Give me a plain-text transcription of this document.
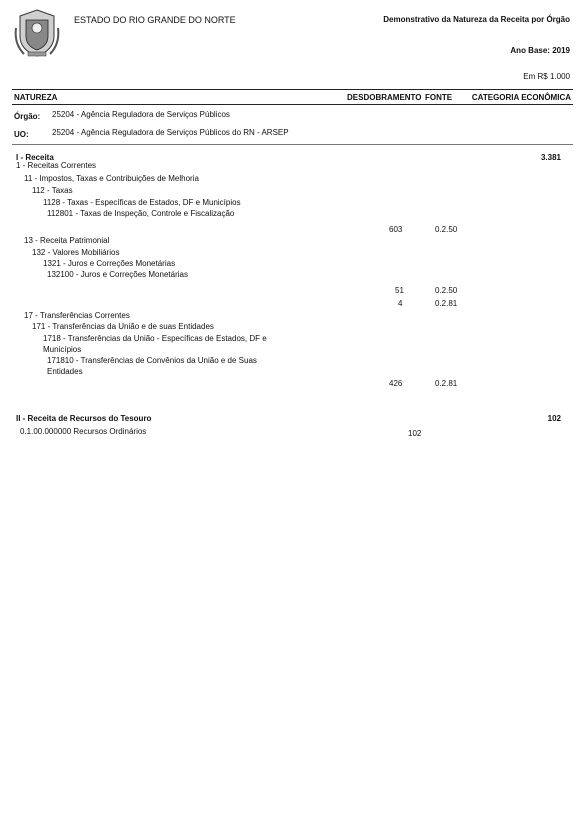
ESTADO DO RIO GRANDE DO NORTE	Demonstrativo da Natureza da Receita por Órgão
Ano Base: 2019
Em R$ 1.000
NATUREZA	DESDOBRAMENTO FONTE CATEGORIA ECONÔMICA
Órgão: 25204 - Agência Reguladora de Serviços Públicos
UO:	25204 - Agência Reguladora de Serviços Públicos do RN - ARSEP
I - Receita	3.381
1 - Receitas Correntes
11 - Impostos, Taxas e Contribuições de Melhoria
112 - Taxas
1128 - Taxas - Específicas de Estados, DF e Municípios
112801 - Taxas de Inspeção, Controle e Fiscalização
603	0.2.50
13 - Receita Patrimonial
132 - Valores Mobiliários
1321 - Juros e Correções Monetárias
132100 - Juros e Correções Monetárias
51	0.2.50
4	0.2.81
17 - Transferências Correntes
171 - Transferências da União e de suas Entidades
1718 - Transferências da União - Específicas de Estados, DF e
Municípios
171810 - Transferências de Convênios da União e de Suas
Entidades
426	0.2.81
II - Receita de Recursos do Tesouro	102
0.1.00.000000 Recursos Ordinários	102
